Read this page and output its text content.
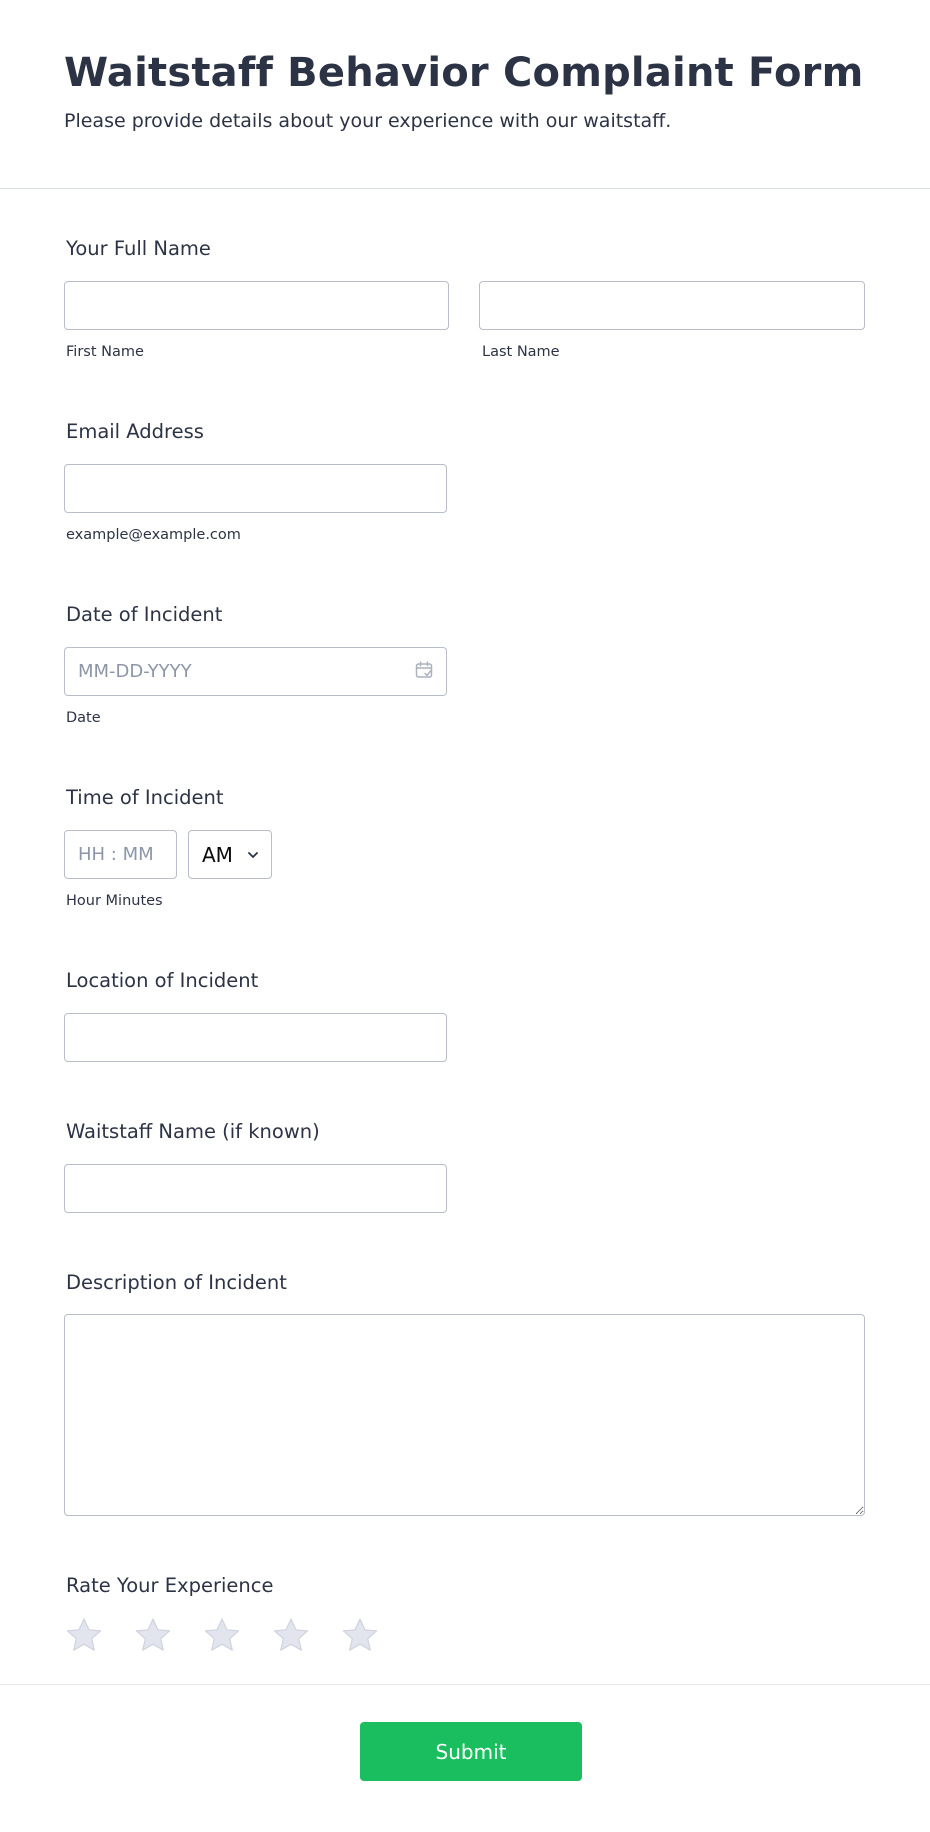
Waitstaff Behavior Complaint Form
Please provide details about your experience with our waitstaff.
Your Full Name
First Name	Last Name
Email Address
example@example.com
Date of Incident
MM-DD-YYYY
Date
Time of Incident
HH : MM
AM
Hour Minutes
Location of Incident
Waitstaff Name (if known)
Description of Incident
Rate Your Experience
Submit
